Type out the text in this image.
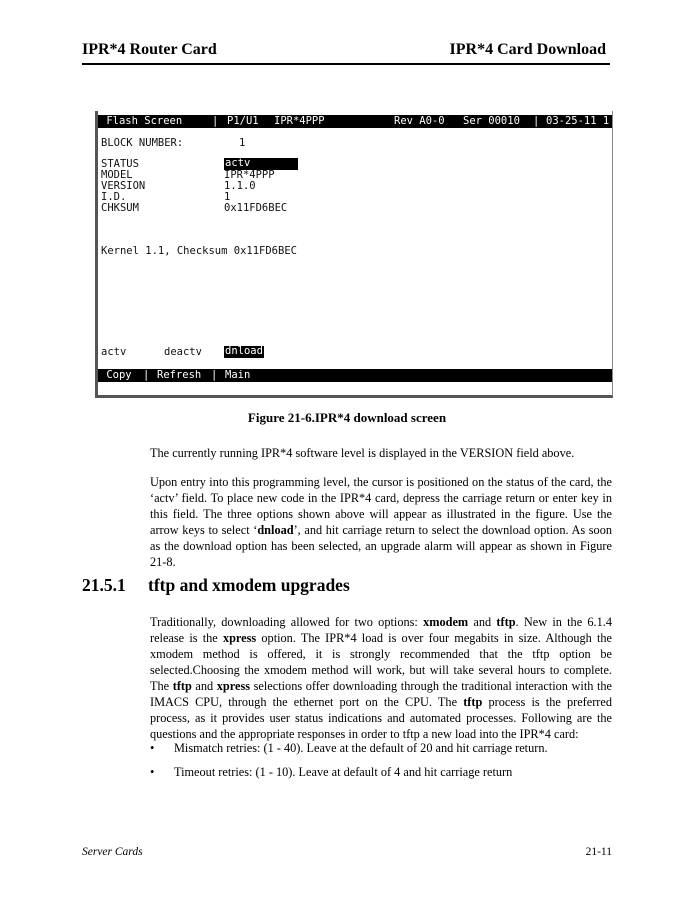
IPR*4 Router Card	IPR*4 Card Download
Flash Screen	| P1/U1 IPR*4PPP	Rev A0-0 Ser 00010 | 03-25-11 1
BLOCK NUMBER:	1
STATUS	actv
MODEL	IPR*4PPP
VERSION	1.1.0
I.D.	1
CHKSUM	0x11FD6BEC
Kernel 1.1, Checksum 0x11FD6BEC
actv	deactv dnload
Copy | Refresh | Main
Figure 21-6.IPR*4 download screen

The currently running IPR*4 software level is displayed in the VERSION field above.

Upon entry into this programming level, the cursor is positioned on the status of the card, the ‘actv’ field. To place new code in the IPR*4 card, depress the carriage return or enter key in this field. The three options shown above will appear as illustrated in the figure. Use the arrow keys to select ‘dnload’, and hit carriage return to select the download option. As soon as the download option has been selected, an upgrade alarm will appear as shown in Figure 21-8.

21.5.1 tftp and xmodem upgrades

Traditionally, downloading allowed for two options: xmodem and tftp. New in the 6.1.4 release is the xpress option. The IPR*4 load is over four megabits in size. Although the xmodem method is offered, it is strongly recommended that the tftp option be selected.Choosing the xmodem method will work, but will take several hours to complete. The tftp and xpress selections offer downloading through the traditional interaction with the IMACS CPU, through the ethernet port on the CPU. The tftp process is the preferred process, as it provides user status indications and automated processes. Following are the questions and the appropriate responses in order to tftp a new load into the IPR*4 card:

• Mismatch retries: (1 - 40). Leave at the default of 20 and hit carriage return.
• Timeout retries: (1 - 10). Leave at default of 4 and hit carriage return
Server Cards	21-11
